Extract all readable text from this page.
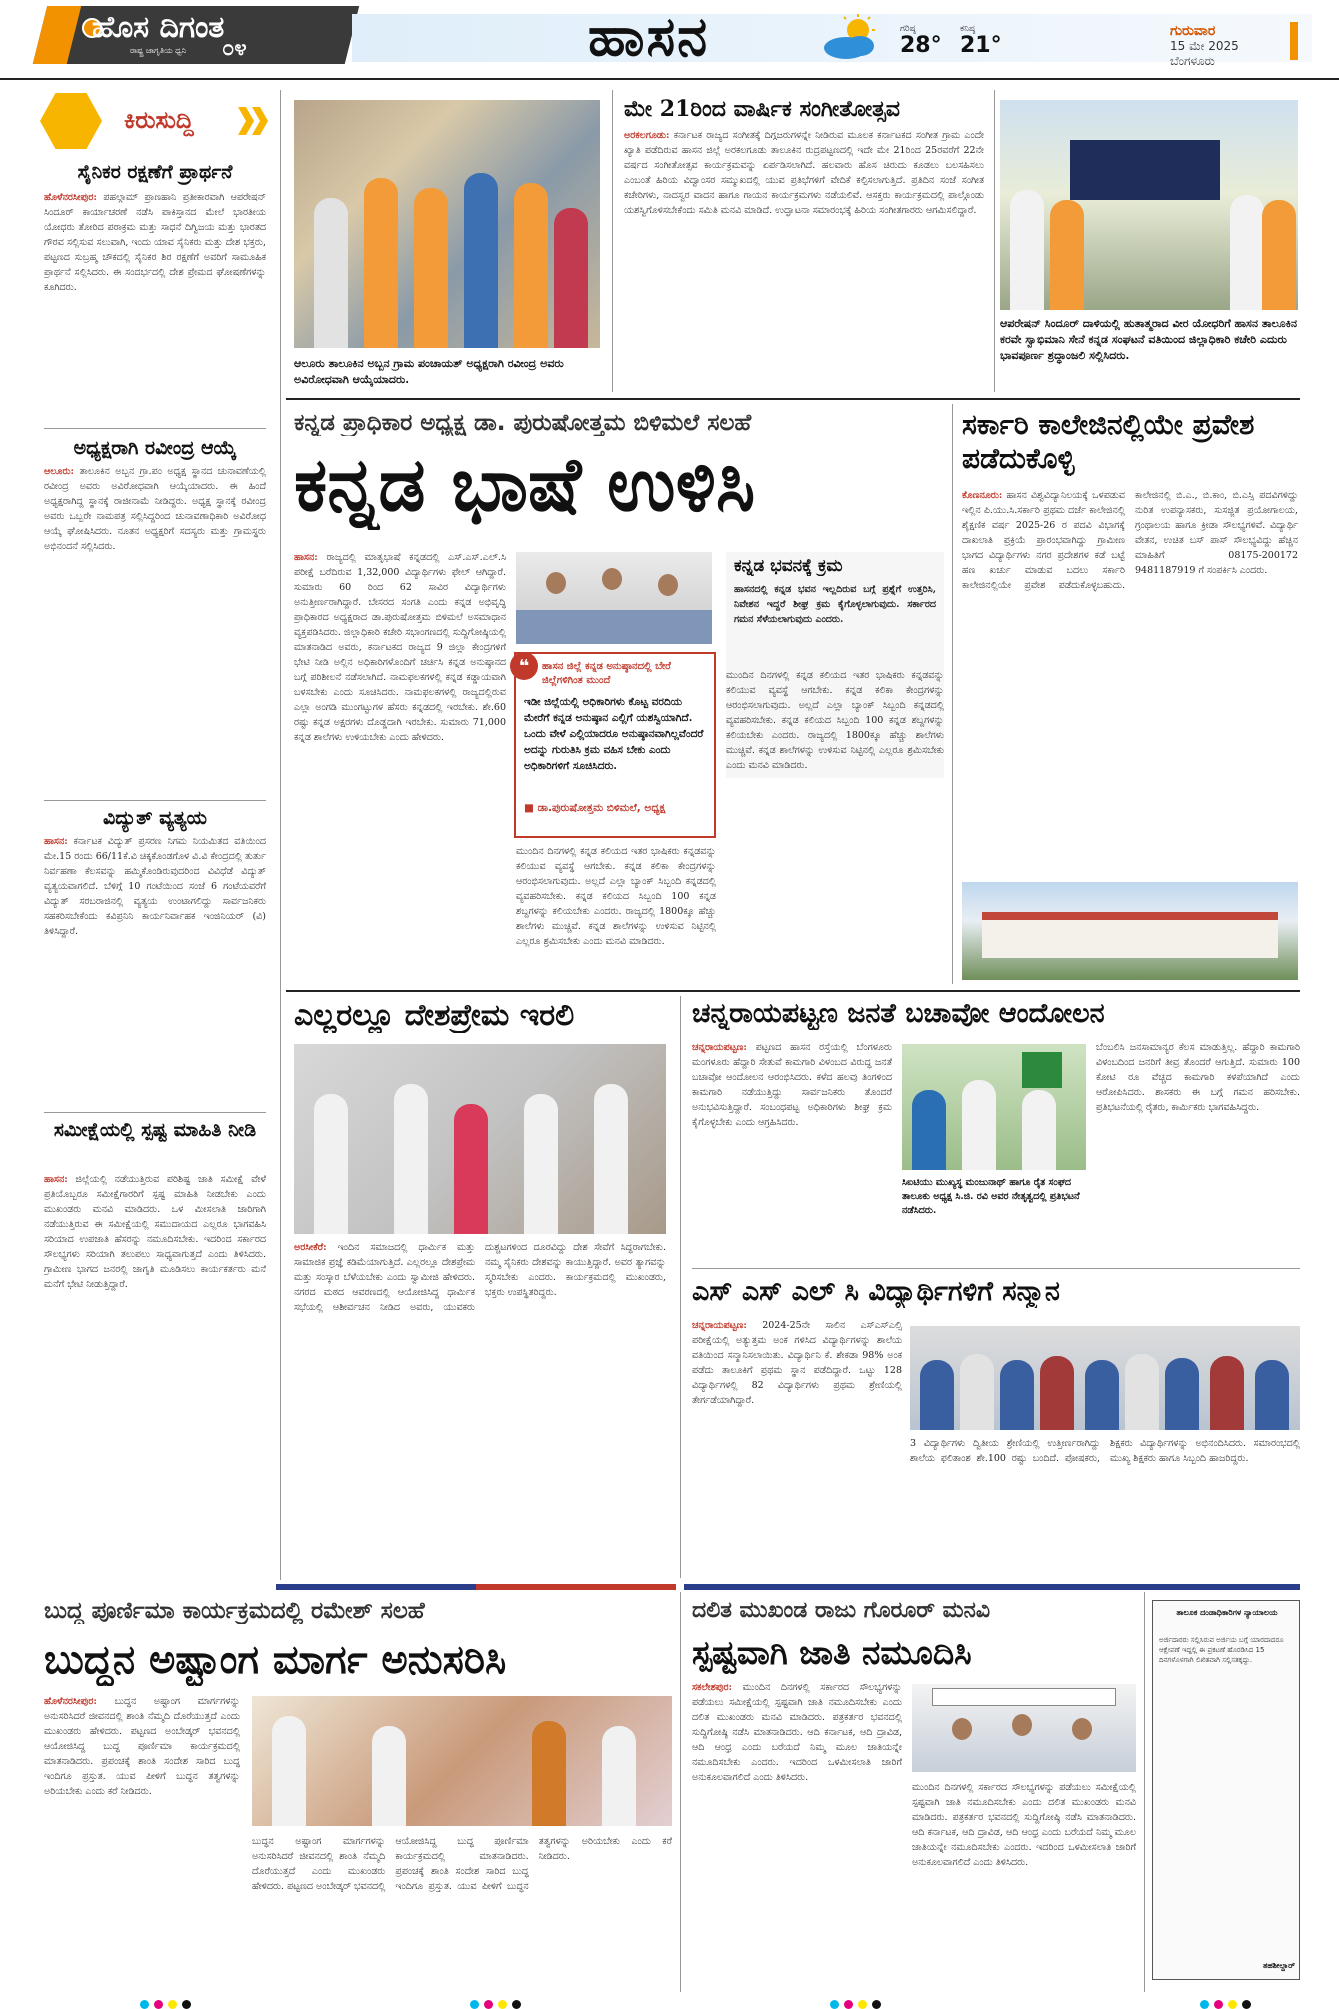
ಹೊಸ ದಿಗಂತ
ರಾಷ್ಟ್ರ ಜಾಗೃತಿಯ ಧ್ವನಿ ೦೪	ಹಾಸನ	ಗರಿಷ್ಠ
28°
ಕನಿಷ್ಠ
21°
ಗುರುವಾರ
15 ಮೇ 2025
ಬೆಂಗಳೂರು
ಕಿರುಸುದ್ದಿ
ಸೈನಿಕರ ರಕ್ಷಣೆಗೆ ಪ್ರಾರ್ಥನೆ
ಹೊಳೆನರಸೀಪುರ: ಪಹಲ್ಗಾಮ್ ಪ್ರಾಣಹಾನಿ ಪ್ರತೀಕಾರವಾಗಿ ಆಪರೇಷನ್ ಸಿಂದೂರ್ ಕಾರ್ಯಾಚರಣೆ ನಡೆಸಿ ಪಾಕಿಸ್ತಾನದ ಮೇಲೆ ಭಾರತೀಯ ಯೋಧರು ತೋರಿದ ಪರಾಕ್ರಮ ಮತ್ತು ಸಾಧನೆ ದಿಗ್ವಿಜಯ ಮತ್ತು ಭಾರತದ ಗೌರವ ಸಲ್ಲಿಸುವ ಸಲುವಾಗಿ, ಇಂದು ಯಾವ ಸೈನಿಕರು ಮತ್ತು ದೇಶ ಭಕ್ತರು, ಪಟ್ಟಣದ ಸುಬ್ರಹ್ಮ ಚೌಕದಲ್ಲಿ ಸೈನಿಕರ ಶಿರ ರಕ್ಷಣೆಗೆ ಅವರಿಗೆ ಸಾಮೂಹಿಕ ಪ್ರಾರ್ಥನೆ ಸಲ್ಲಿಸಿದರು. ಈ ಸಂದರ್ಭದಲ್ಲಿ ದೇಶ ಪ್ರೇಮದ ಘೋಷಣೆಗಳನ್ನು ಕೂಗಿದರು.
ಅಧ್ಯಕ್ಷರಾಗಿ ರವೀಂದ್ರ ಆಯ್ಕೆ
ಆಲೂರು: ತಾಲೂಕಿನ ಅಬ್ಬನ ಗ್ರಾ.ಪಂ ಅಧ್ಯಕ್ಷ ಸ್ಥಾನದ ಚುನಾವಣೆಯಲ್ಲಿ ರವೀಂದ್ರ ಅವರು ಅವಿರೋಧವಾಗಿ ಆಯ್ಕೆಯಾದರು. ಈ ಹಿಂದೆ ಅಧ್ಯಕ್ಷರಾಗಿದ್ದ ಸ್ಥಾನಕ್ಕೆ ರಾಜೀನಾಮೆ ನೀಡಿದ್ದರು. ಅಧ್ಯಕ್ಷ ಸ್ಥಾನಕ್ಕೆ ರವೀಂದ್ರ ಅವರು ಒಬ್ಬರೇ ನಾಮಪತ್ರ ಸಲ್ಲಿಸಿದ್ದರಿಂದ ಚುನಾವಣಾಧಿಕಾರಿ ಅವಿರೋಧ ಆಯ್ಕೆ ಘೋಷಿಸಿದರು. ನೂತನ ಅಧ್ಯಕ್ಷರಿಗೆ ಸದಸ್ಯರು ಮತ್ತು ಗ್ರಾಮಸ್ಥರು ಅಭಿನಂದನೆ ಸಲ್ಲಿಸಿದರು.
ವಿದ್ಯುತ್ ವ್ಯತ್ಯಯ
ಹಾಸನ: ಕರ್ನಾಟಕ ವಿದ್ಯುತ್ ಪ್ರಸರಣ ನಿಗಮ ನಿಯಮಿತದ ವತಿಯಿಂದ ಮೇ.15 ರಂದು 66/11ಕೆ.ವಿ ಚಿಕ್ಕಕೊಂಡಗೊಳ ವಿ.ವಿ ಕೇಂದ್ರದಲ್ಲಿ ತುರ್ತು ನಿರ್ವಹಣಾ ಕೆಲಸವನ್ನು ಹಮ್ಮಿಕೊಂಡಿರುವುದರಿಂದ ವಿವಿಧೆಡೆ ವಿದ್ಯುತ್ ವ್ಯತ್ಯಯವಾಗಲಿದೆ. ಬೆಳಿಗ್ಗೆ 10 ಗಂಟೆಯಿಂದ ಸಂಜೆ 6 ಗಂಟೆಯವರೆಗೆ ವಿದ್ಯುತ್ ಸರಬರಾಜಿನಲ್ಲಿ ವ್ಯತ್ಯಯ ಉಂಟಾಗಲಿದ್ದು ಸಾರ್ವಜನಿಕರು ಸಹಕರಿಸಬೇಕೆಂದು ಕವಿಪ್ರನಿನಿ ಕಾರ್ಯನಿರ್ವಾಹಕ ಇಂಜಿನಿಯರ್ (ವಿ) ತಿಳಿಸಿದ್ದಾರೆ.
ಸಮೀಕ್ಷೆಯಲ್ಲಿ ಸ್ಪಷ್ಟ ಮಾಹಿತಿ ನೀಡಿ
ಹಾಸನ: ಜಿಲ್ಲೆಯಲ್ಲಿ ನಡೆಯುತ್ತಿರುವ ಪರಿಶಿಷ್ಟ ಜಾತಿ ಸಮೀಕ್ಷೆ ವೇಳೆ ಪ್ರತಿಯೊಬ್ಬರೂ ಸಮೀಕ್ಷೆಗಾರರಿಗೆ ಸ್ಪಷ್ಟ ಮಾಹಿತಿ ನೀಡಬೇಕು ಎಂದು ಮುಖಂಡರು ಮನವಿ ಮಾಡಿದರು. ಒಳ ಮೀಸಲಾತಿ ಜಾರಿಗಾಗಿ ನಡೆಯುತ್ತಿರುವ ಈ ಸಮೀಕ್ಷೆಯಲ್ಲಿ ಸಮುದಾಯದ ಎಲ್ಲರೂ ಭಾಗವಹಿಸಿ ಸರಿಯಾದ ಉಪಜಾತಿ ಹೆಸರನ್ನು ನಮೂದಿಸಬೇಕು. ಇದರಿಂದ ಸರ್ಕಾರದ ಸೌಲಭ್ಯಗಳು ಸರಿಯಾಗಿ ತಲುಪಲು ಸಾಧ್ಯವಾಗುತ್ತದೆ ಎಂದು ತಿಳಿಸಿದರು. ಗ್ರಾಮೀಣ ಭಾಗದ ಜನರಲ್ಲಿ ಜಾಗೃತಿ ಮೂಡಿಸಲು ಕಾರ್ಯಕರ್ತರು ಮನೆ ಮನೆಗೆ ಭೇಟಿ ನೀಡುತ್ತಿದ್ದಾರೆ.
ಆಲೂರು ತಾಲೂಕಿನ ಅಬ್ಬನ ಗ್ರಾಮ ಪಂಚಾಯತ್ ಅಧ್ಯಕ್ಷರಾಗಿ ರವೀಂದ್ರ ಅವರು ಅವಿರೋಧವಾಗಿ ಆಯ್ಕೆಯಾದರು.
ಮೇ 21ರಿಂದ ವಾರ್ಷಿಕ ಸಂಗೀತೋತ್ಸವ
ಅರಕಲಗೂಡು: ಕರ್ನಾಟಕ ರಾಜ್ಯದ ಸಂಗೀತಕ್ಕೆ ದಿಗ್ಗಜರುಗಳನ್ನೇ ನೀಡಿರುವ ಮೂಲಕ ಕರ್ನಾಟಕದ ಸಂಗೀತ ಗ್ರಾಮ ಎಂದೇ ಖ್ಯಾತಿ ಪಡೆದಿರುವ ಹಾಸನ ಜಿಲ್ಲೆ ಅರಕಲಗೂಡು ತಾಲೂಕಿನ ರುದ್ರಪಟ್ಟಣದಲ್ಲಿ ಇದೇ ಮೇ 21ರಿಂದ 25ರವರೆಗೆ 22ನೇ ವರ್ಷದ ಸಂಗೀತೋತ್ಸವ ಕಾರ್ಯಕ್ರಮವನ್ನು ಏರ್ಪಡಿಸಲಾಗಿದೆ. ಹಲವಾರು ಹೊಸ ಚಿರುದು ಕೂಡಲು ಬಲಸಹಿಸಲು ಎಂಬಂತೆ ಹಿರಿಯ ವಿದ್ವಾಂಸರ ಸಮ್ಮುಖದಲ್ಲಿ ಯುವ ಪ್ರತಿಭೆಗಳಿಗೆ ವೇದಿಕೆ ಕಲ್ಪಿಸಲಾಗುತ್ತಿದೆ. ಪ್ರತಿದಿನ ಸಂಜೆ ಸಂಗೀತ ಕಚೇರಿಗಳು, ನಾದಸ್ವರ ವಾದನ ಹಾಗೂ ಗಾಯನ ಕಾರ್ಯಕ್ರಮಗಳು ನಡೆಯಲಿವೆ. ಆಸಕ್ತರು ಕಾರ್ಯಕ್ರಮದಲ್ಲಿ ಪಾಲ್ಗೊಂಡು ಯಶಸ್ವಿಗೊಳಿಸಬೇಕೆಂದು ಸಮಿತಿ ಮನವಿ ಮಾಡಿದೆ. ಉದ್ಘಾಟನಾ ಸಮಾರಂಭಕ್ಕೆ ಹಿರಿಯ ಸಂಗೀತಗಾರರು ಆಗಮಿಸಲಿದ್ದಾರೆ.
ಆಪರೇಷನ್ ಸಿಂದೂರ್ ದಾಳಿಯಲ್ಲಿ ಹುತಾತ್ಮರಾದ ವೀರ ಯೋಧರಿಗೆ ಹಾಸನ ತಾಲೂಕಿನ ಕರವೇ ಸ್ವಾಭಿಮಾನಿ ಸೇನೆ ಕನ್ನಡ ಸಂಘಟನೆ ವತಿಯಿಂದ ಜಿಲ್ಲಾಧಿಕಾರಿ ಕಚೇರಿ ಎದುರು ಭಾವಪೂರ್ಣ ಶ್ರದ್ಧಾಂಜಲಿ ಸಲ್ಲಿಸಿದರು.
ಕನ್ನಡ ಪ್ರಾಧಿಕಾರ ಅಧ್ಯಕ್ಷ ಡಾ. ಪುರುಷೋತ್ತಮ ಬಿಳಿಮಲೆ ಸಲಹೆ
ಕನ್ನಡ ಭಾಷೆ ಉಳಿಸಿ
ಹಾಸನ: ರಾಜ್ಯದಲ್ಲಿ ಮಾತೃಭಾಷೆ ಕನ್ನಡದಲ್ಲಿ ಎಸ್.ಎಸ್.ಎಲ್.ಸಿ ಪರೀಕ್ಷೆ ಬರೆದಿರುವ 1,32,000 ವಿದ್ಯಾರ್ಥಿಗಳು ಫೇಲ್ ಆಗಿದ್ದಾರೆ. ಸುಮಾರು 60 ರಿಂದ 62 ಸಾವಿರ ವಿದ್ಯಾರ್ಥಿಗಳು ಅನುತ್ತೀರ್ಣರಾಗಿದ್ದಾರೆ. ಬೇಸರದ ಸಂಗತಿ ಎಂದು ಕನ್ನಡ ಅಭಿವೃದ್ಧಿ ಪ್ರಾಧಿಕಾರದ ಅಧ್ಯಕ್ಷರಾದ ಡಾ.ಪುರುಷೋತ್ತಮ ಬಿಳಿಮಲೆ ಅಸಮಾಧಾನ ವ್ಯಕ್ತಪಡಿಸಿದರು. ಜಿಲ್ಲಾಧಿಕಾರಿ ಕಚೇರಿ ಸಭಾಂಗಣದಲ್ಲಿ ಸುದ್ದಿಗೋಷ್ಠಿಯಲ್ಲಿ ಮಾತನಾಡಿದ ಅವರು, ಕರ್ನಾಟಕದ ರಾಜ್ಯದ 9 ಜಿಲ್ಲಾ ಕೇಂದ್ರಗಳಿಗೆ ಭೇಟಿ ನೀಡಿ ಅಲ್ಲಿನ ಅಧಿಕಾರಿಗಳೊಂದಿಗೆ ಚರ್ಚಿಸಿ ಕನ್ನಡ ಅನುಷ್ಠಾನದ ಬಗ್ಗೆ ಪರಿಶೀಲನೆ ನಡೆಸಲಾಗಿದೆ. ನಾಮಫಲಕಗಳಲ್ಲಿ ಕನ್ನಡ ಕಡ್ಡಾಯವಾಗಿ ಬಳಸಬೇಕು ಎಂದು ಸೂಚಿಸಿದರು. ನಾಮಫಲಕಗಳಲ್ಲಿ ರಾಜ್ಯದಲ್ಲಿರುವ ಎಲ್ಲಾ ಅಂಗಡಿ ಮುಂಗಟ್ಟುಗಳ ಹೆಸರು ಕನ್ನಡದಲ್ಲಿ ಇರಬೇಕು. ಶೇ.60 ರಷ್ಟು ಕನ್ನಡ ಅಕ್ಷರಗಳು ದೊಡ್ಡದಾಗಿ ಇರಬೇಕು. ಸುಮಾರು 71,000 ಕನ್ನಡ ಶಾಲೆಗಳು ಉಳಿಯಬೇಕು ಎಂದು ಹೇಳಿದರು.
❝	ಹಾಸನ ಜಿಲ್ಲೆ ಕನ್ನಡ ಅನುಷ್ಠಾನದಲ್ಲಿ ಬೇರೆ ಜಿಲ್ಲೆಗಳಿಗಿಂತ ಮುಂದೆ
ಇಡೀ ಜಿಲ್ಲೆಯಲ್ಲಿ ಅಧಿಕಾರಿಗಳು ಕೊಟ್ಟ ವರದಿಯ ಮೇರೆಗೆ ಕನ್ನಡ ಅನುಷ್ಠಾನ ಎಲ್ಲಿಗೆ ಯಶಸ್ವಿಯಾಗಿದೆ. ಒಂದು ವೇಳೆ ಎಲ್ಲಿಯಾದರೂ ಅನುಷ್ಠಾನವಾಗಿಲ್ಲವೆಂದರೆ ಅದನ್ನು ಗುರುತಿಸಿ ಕ್ರಮ ವಹಿಸ ಬೇಕು ಎಂದು ಅಧಿಕಾರಿಗಳಿಗೆ ಸೂಚಿಸಿದರು.
■ ಡಾ.ಪುರುಷೋತ್ತಮ ಬಿಳಿಮಲೆ, ಅಧ್ಯಕ್ಷ
ಕನ್ನಡ ಭವನಕ್ಕೆ ಕ್ರಮ
ಹಾಸನದಲ್ಲಿ ಕನ್ನಡ ಭವನ ಇಲ್ಲದಿರುವ ಬಗ್ಗೆ ಪ್ರಶ್ನೆಗೆ ಉತ್ತರಿಸಿ, ನಿವೇಶನ ಇದ್ದರೆ ಶೀಘ್ರ ಕ್ರಮ ಕೈಗೊಳ್ಳಲಾಗುವುದು. ಸರ್ಕಾರದ ಗಮನ ಸೆಳೆಯಲಾಗುವುದು ಎಂದರು.
ಮುಂದಿನ ದಿನಗಳಲ್ಲಿ ಕನ್ನಡ ಕಲಿಯದ ಇತರ ಭಾಷಿಕರು ಕನ್ನಡವನ್ನು ಕಲಿಯುವ ವ್ಯವಸ್ಥೆ ಆಗಬೇಕು. ಕನ್ನಡ ಕಲಿಕಾ ಕೇಂದ್ರಗಳನ್ನು ಆರಂಭಿಸಲಾಗುವುದು. ಅಲ್ಲದೆ ಎಲ್ಲಾ ಬ್ಯಾಂಕ್ ಸಿಬ್ಬಂದಿ ಕನ್ನಡದಲ್ಲಿ ವ್ಯವಹರಿಸಬೇಕು. ಕನ್ನಡ ಕಲಿಯದ ಸಿಬ್ಬಂದಿ 100 ಕನ್ನಡ ಶಬ್ದಗಳನ್ನು ಕಲಿಯಬೇಕು ಎಂದರು. ರಾಜ್ಯದಲ್ಲಿ 1800ಕ್ಕೂ ಹೆಚ್ಚು ಶಾಲೆಗಳು ಮುಚ್ಚಿವೆ. ಕನ್ನಡ ಶಾಲೆಗಳನ್ನು ಉಳಿಸುವ ನಿಟ್ಟಿನಲ್ಲಿ ಎಲ್ಲರೂ ಶ್ರಮಿಸಬೇಕು ಎಂದು ಮನವಿ ಮಾಡಿದರು.
ಮುಂದಿನ ದಿನಗಳಲ್ಲಿ ಕನ್ನಡ ಕಲಿಯದ ಇತರ ಭಾಷಿಕರು ಕನ್ನಡವನ್ನು ಕಲಿಯುವ ವ್ಯವಸ್ಥೆ ಆಗಬೇಕು. ಕನ್ನಡ ಕಲಿಕಾ ಕೇಂದ್ರಗಳನ್ನು ಆರಂಭಿಸಲಾಗುವುದು. ಅಲ್ಲದೆ ಎಲ್ಲಾ ಬ್ಯಾಂಕ್ ಸಿಬ್ಬಂದಿ ಕನ್ನಡದಲ್ಲಿ ವ್ಯವಹರಿಸಬೇಕು. ಕನ್ನಡ ಕಲಿಯದ ಸಿಬ್ಬಂದಿ 100 ಕನ್ನಡ ಶಬ್ದಗಳನ್ನು ಕಲಿಯಬೇಕು ಎಂದರು. ರಾಜ್ಯದಲ್ಲಿ 1800ಕ್ಕೂ ಹೆಚ್ಚು ಶಾಲೆಗಳು ಮುಚ್ಚಿವೆ. ಕನ್ನಡ ಶಾಲೆಗಳನ್ನು ಉಳಿಸುವ ನಿಟ್ಟಿನಲ್ಲಿ ಎಲ್ಲರೂ ಶ್ರಮಿಸಬೇಕು ಎಂದು ಮನವಿ ಮಾಡಿದರು.
ಸರ್ಕಾರಿ ಕಾಲೇಜಿನಲ್ಲಿಯೇ ಪ್ರವೇಶ ಪಡೆದುಕೊಳ್ಳಿ
ಕೊಣನೂರು: ಹಾಸನ ವಿಶ್ವವಿದ್ಯಾನಿಲಯಕ್ಕೆ ಒಳಪಡುವ ಇಲ್ಲಿನ ಪಿ.ಯು.ಸಿ.ಸರ್ಕಾರಿ ಪ್ರಥಮ ದರ್ಜೆ ಕಾಲೇಜಿನಲ್ಲಿ ಶೈಕ್ಷಣಿಕ ವರ್ಷ 2025-26 ರ ಪದವಿ ವಿಭಾಗಕ್ಕೆ ದಾಖಲಾತಿ ಪ್ರಕ್ರಿಯೆ ಪ್ರಾರಂಭವಾಗಿದ್ದು ಗ್ರಾಮೀಣ ಭಾಗದ ವಿದ್ಯಾರ್ಥಿಗಳು ನಗರ ಪ್ರದೇಶಗಳ ಕಡೆ ಬಟ್ಟೆ ಹಣ ಖರ್ಚು ಮಾಡುವ ಬದಲು ಸರ್ಕಾರಿ ಕಾಲೇಜಿನಲ್ಲಿಯೇ ಪ್ರವೇಶ ಪಡೆದುಕೊಳ್ಳಬಹುದು. ಕಾಲೇಜಿನಲ್ಲಿ ಬಿ.ಎ., ಬಿ.ಕಾಂ, ಬಿ.ಎಸ್ಸಿ ಪದವಿಗಳಿದ್ದು ನುರಿತ ಉಪನ್ಯಾಸಕರು, ಸುಸಜ್ಜಿತ ಪ್ರಯೋಗಾಲಯ, ಗ್ರಂಥಾಲಯ ಹಾಗೂ ಕ್ರೀಡಾ ಸೌಲಭ್ಯಗಳಿವೆ. ವಿದ್ಯಾರ್ಥಿ ವೇತನ, ಉಚಿತ ಬಸ್ ಪಾಸ್ ಸೌಲಭ್ಯವಿದ್ದು ಹೆಚ್ಚಿನ ಮಾಹಿತಿಗೆ 08175-200172 9481187919 ಗೆ ಸಂಪರ್ಕಿಸಿ ಎಂದರು.
ಎಲ್ಲರಲ್ಲೂ ದೇಶಪ್ರೇಮ ಇರಲಿ
ಅರಸೀಕೆರೆ: ಇಂದಿನ ಸಮಾಜದಲ್ಲಿ ಧಾರ್ಮಿಕ ಮತ್ತು ಸಾಮಾಜಿಕ ಪ್ರಜ್ಞೆ ಕಡಿಮೆಯಾಗುತ್ತಿದೆ. ಎಲ್ಲರಲ್ಲೂ ದೇಶಪ್ರೇಮ ಮತ್ತು ಸಂಸ್ಕಾರ ಬೆಳೆಯಬೇಕು ಎಂದು ಸ್ವಾಮೀಜಿ ಹೇಳಿದರು. ನಗರದ ಮಠದ ಆವರಣದಲ್ಲಿ ಆಯೋಜಿಸಿದ್ದ ಧಾರ್ಮಿಕ ಸಭೆಯಲ್ಲಿ ಆಶೀರ್ವಚನ ನೀಡಿದ ಅವರು, ಯುವಕರು ದುಶ್ಚಟಗಳಿಂದ ದೂರವಿದ್ದು ದೇಶ ಸೇವೆಗೆ ಸಿದ್ಧರಾಗಬೇಕು. ನಮ್ಮ ಸೈನಿಕರು ದೇಶವನ್ನು ಕಾಯುತ್ತಿದ್ದಾರೆ. ಅವರ ತ್ಯಾಗವನ್ನು ಸ್ಮರಿಸಬೇಕು ಎಂದರು. ಕಾರ್ಯಕ್ರಮದಲ್ಲಿ ಮುಖಂಡರು, ಭಕ್ತರು ಉಪಸ್ಥಿತರಿದ್ದರು.
ಚನ್ನರಾಯಪಟ್ಟಣ ಜನತೆ ಬಚಾವೋ ಆಂದೋಲನ
ಚನ್ನರಾಯಪಟ್ಟಣ: ಪಟ್ಟಣದ ಹಾಸನ ರಸ್ತೆಯಲ್ಲಿ ಬೆಂಗಳೂರು ಮಂಗಳೂರು ಹೆದ್ದಾರಿ ಸೇತುವೆ ಕಾಮಗಾರಿ ವಿಳಂಬದ ವಿರುದ್ಧ ಜನತೆ ಬಚಾವೋ ಆಂದೋಲನ ಆರಂಭಿಸಿದರು. ಕಳೆದ ಹಲವು ತಿಂಗಳಿಂದ ಕಾಮಗಾರಿ ನಡೆಯುತ್ತಿದ್ದು ಸಾರ್ವಜನಿಕರು ತೊಂದರೆ ಅನುಭವಿಸುತ್ತಿದ್ದಾರೆ. ಸಂಬಂಧಪಟ್ಟ ಅಧಿಕಾರಿಗಳು ಶೀಘ್ರ ಕ್ರಮ ಕೈಗೊಳ್ಳಬೇಕು ಎಂದು ಆಗ್ರಹಿಸಿದರು.
ಸಿಐಟಿಯು ಮುಖ್ಯಸ್ಥ ಮಂಜುನಾಥ್ ಹಾಗೂ ರೈತ ಸಂಘದ ತಾಲೂಕು ಅಧ್ಯಕ್ಷ ಸಿ.ಜಿ. ರವಿ ಅವರ ನೇತೃತ್ವದಲ್ಲಿ ಪ್ರತಿಭಟನೆ ನಡೆಸಿದರು.
ಬೆಂಬಲಿಸಿ ಜನಸಾಮಾನ್ಯರ ಕೆಲಸ ಮಾಡುತ್ತಿಲ್ಲ. ಹೆದ್ದಾರಿ ಕಾಮಗಾರಿ ವಿಳಂಬದಿಂದ ಜನರಿಗೆ ತೀವ್ರ ತೊಂದರೆ ಆಗುತ್ತಿದೆ. ಸುಮಾರು 100 ಕೋಟಿ ರೂ ವೆಚ್ಚದ ಕಾಮಗಾರಿ ಕಳಪೆಯಾಗಿದೆ ಎಂದು ಆರೋಪಿಸಿದರು. ಶಾಸಕರು ಈ ಬಗ್ಗೆ ಗಮನ ಹರಿಸಬೇಕು. ಪ್ರತಿಭಟನೆಯಲ್ಲಿ ರೈತರು, ಕಾರ್ಮಿಕರು ಭಾಗವಹಿಸಿದ್ದರು.
ಎಸ್ ಎಸ್ ಎಲ್ ಸಿ ವಿದ್ಯಾರ್ಥಿಗಳಿಗೆ ಸನ್ಮಾನ
ಚನ್ನರಾಯಪಟ್ಟಣ: 2024-25ನೇ ಸಾಲಿನ ಎಸ್ಎಸ್ಎಲ್ಸಿ ಪರೀಕ್ಷೆಯಲ್ಲಿ ಅತ್ಯುತ್ತಮ ಅಂಕ ಗಳಿಸಿದ ವಿದ್ಯಾರ್ಥಿಗಳನ್ನು ಶಾಲೆಯ ವತಿಯಿಂದ ಸನ್ಮಾನಿಸಲಾಯಿತು. ವಿದ್ಯಾರ್ಥಿನಿ ಕೆ. ಶೇಕಡಾ 98% ಅಂಕ ಪಡೆದು ತಾಲೂಕಿಗೆ ಪ್ರಥಮ ಸ್ಥಾನ ಪಡೆದಿದ್ದಾರೆ. ಒಟ್ಟು 128 ವಿದ್ಯಾರ್ಥಿಗಳಲ್ಲಿ 82 ವಿದ್ಯಾರ್ಥಿಗಳು ಪ್ರಥಮ ಶ್ರೇಣಿಯಲ್ಲಿ ತೇರ್ಗಡೆಯಾಗಿದ್ದಾರೆ.
3 ವಿದ್ಯಾರ್ಥಿಗಳು ದ್ವಿತೀಯ ಶ್ರೇಣಿಯಲ್ಲಿ ಉತ್ತೀರ್ಣರಾಗಿದ್ದು ಶಾಲೆಯ ಫಲಿತಾಂಶ ಶೇ.100 ರಷ್ಟು ಬಂದಿದೆ. ಪೋಷಕರು, ಶಿಕ್ಷಕರು ವಿದ್ಯಾರ್ಥಿಗಳನ್ನು ಅಭಿನಂದಿಸಿದರು. ಸಮಾರಂಭದಲ್ಲಿ ಮುಖ್ಯ ಶಿಕ್ಷಕರು ಹಾಗೂ ಸಿಬ್ಬಂದಿ ಹಾಜರಿದ್ದರು.
ಬುದ್ಧ ಪೂರ್ಣಿಮಾ ಕಾರ್ಯಕ್ರಮದಲ್ಲಿ ರಮೇಶ್ ಸಲಹೆ
ಬುದ್ಧನ ಅಷ್ಟಾಂಗ ಮಾರ್ಗ ಅನುಸರಿಸಿ
ಹೊಳೆನರಸೀಪುರ: ಬುದ್ಧನ ಅಷ್ಟಾಂಗ ಮಾರ್ಗಗಳನ್ನು ಅನುಸರಿಸಿದರೆ ಜೀವನದಲ್ಲಿ ಶಾಂತಿ ನೆಮ್ಮದಿ ದೊರೆಯುತ್ತದೆ ಎಂದು ಮುಖಂಡರು ಹೇಳಿದರು. ಪಟ್ಟಣದ ಅಂಬೇಡ್ಕರ್ ಭವನದಲ್ಲಿ ಆಯೋಜಿಸಿದ್ದ ಬುದ್ಧ ಪೂರ್ಣಿಮಾ ಕಾರ್ಯಕ್ರಮದಲ್ಲಿ ಮಾತನಾಡಿದರು. ಪ್ರಪಂಚಕ್ಕೆ ಶಾಂತಿ ಸಂದೇಶ ಸಾರಿದ ಬುದ್ಧ ಇಂದಿಗೂ ಪ್ರಸ್ತುತ. ಯುವ ಪೀಳಿಗೆ ಬುದ್ಧನ ತತ್ವಗಳನ್ನು ಅರಿಯಬೇಕು ಎಂದು ಕರೆ ನೀಡಿದರು.
ಬುದ್ಧನ ಅಷ್ಟಾಂಗ ಮಾರ್ಗಗಳನ್ನು ಅನುಸರಿಸಿದರೆ ಜೀವನದಲ್ಲಿ ಶಾಂತಿ ನೆಮ್ಮದಿ ದೊರೆಯುತ್ತದೆ ಎಂದು ಮುಖಂಡರು ಹೇಳಿದರು. ಪಟ್ಟಣದ ಅಂಬೇಡ್ಕರ್ ಭವನದಲ್ಲಿ ಆಯೋಜಿಸಿದ್ದ ಬುದ್ಧ ಪೂರ್ಣಿಮಾ ಕಾರ್ಯಕ್ರಮದಲ್ಲಿ ಮಾತನಾಡಿದರು. ಪ್ರಪಂಚಕ್ಕೆ ಶಾಂತಿ ಸಂದೇಶ ಸಾರಿದ ಬುದ್ಧ ಇಂದಿಗೂ ಪ್ರಸ್ತುತ. ಯುವ ಪೀಳಿಗೆ ಬುದ್ಧನ ತತ್ವಗಳನ್ನು ಅರಿಯಬೇಕು ಎಂದು ಕರೆ ನೀಡಿದರು.
ದಲಿತ ಮುಖಂಡ ರಾಜು ಗೊರೂರ್ ಮನವಿ
ಸ್ಪಷ್ಟವಾಗಿ ಜಾತಿ ನಮೂದಿಸಿ
ಸಕಲೇಶಪುರ: ಮುಂದಿನ ದಿನಗಳಲ್ಲಿ ಸರ್ಕಾರದ ಸೌಲಭ್ಯಗಳನ್ನು ಪಡೆಯಲು ಸಮೀಕ್ಷೆಯಲ್ಲಿ ಸ್ಪಷ್ಟವಾಗಿ ಜಾತಿ ನಮೂದಿಸಬೇಕು ಎಂದು ದಲಿತ ಮುಖಂಡರು ಮನವಿ ಮಾಡಿದರು. ಪತ್ರಕರ್ತರ ಭವನದಲ್ಲಿ ಸುದ್ದಿಗೋಷ್ಠಿ ನಡೆಸಿ ಮಾತನಾಡಿದರು. ಆದಿ ಕರ್ನಾಟಕ, ಆದಿ ದ್ರಾವಿಡ, ಆದಿ ಆಂಧ್ರ ಎಂದು ಬರೆಯದೆ ನಿಮ್ಮ ಮೂಲ ಜಾತಿಯನ್ನೇ ನಮೂದಿಸಬೇಕು ಎಂದರು. ಇದರಿಂದ ಒಳಮೀಸಲಾತಿ ಜಾರಿಗೆ ಅನುಕೂಲವಾಗಲಿದೆ ಎಂದು ತಿಳಿಸಿದರು.
ಮುಂದಿನ ದಿನಗಳಲ್ಲಿ ಸರ್ಕಾರದ ಸೌಲಭ್ಯಗಳನ್ನು ಪಡೆಯಲು ಸಮೀಕ್ಷೆಯಲ್ಲಿ ಸ್ಪಷ್ಟವಾಗಿ ಜಾತಿ ನಮೂದಿಸಬೇಕು ಎಂದು ದಲಿತ ಮುಖಂಡರು ಮನವಿ ಮಾಡಿದರು. ಪತ್ರಕರ್ತರ ಭವನದಲ್ಲಿ ಸುದ್ದಿಗೋಷ್ಠಿ ನಡೆಸಿ ಮಾತನಾಡಿದರು. ಆದಿ ಕರ್ನಾಟಕ, ಆದಿ ದ್ರಾವಿಡ, ಆದಿ ಆಂಧ್ರ ಎಂದು ಬರೆಯದೆ ನಿಮ್ಮ ಮೂಲ ಜಾತಿಯನ್ನೇ ನಮೂದಿಸಬೇಕು ಎಂದರು. ಇದರಿಂದ ಒಳಮೀಸಲಾತಿ ಜಾರಿಗೆ ಅನುಕೂಲವಾಗಲಿದೆ ಎಂದು ತಿಳಿಸಿದರು.
ತಾಲೂಕ ದಂಡಾಧಿಕಾರಿಗಳ ನ್ಯಾಯಾಲಯ
ಅರ್ಜಿದಾರರು ಸಲ್ಲಿಸಿರುವ ಅರ್ಜಿಯ ಬಗ್ಗೆ ಯಾರದಾದರೂ ಆಕ್ಷೇಪಣೆ ಇದ್ದಲ್ಲಿ ಈ ಪ್ರಕಟಣೆ ಹೊರಡಿಸಿದ 15 ದಿನಗಳೊಳಗಾಗಿ ಲಿಖಿತವಾಗಿ ಸಲ್ಲಿಸತಕ್ಕದ್ದು.
ತಹಶೀಲ್ದಾರ್
